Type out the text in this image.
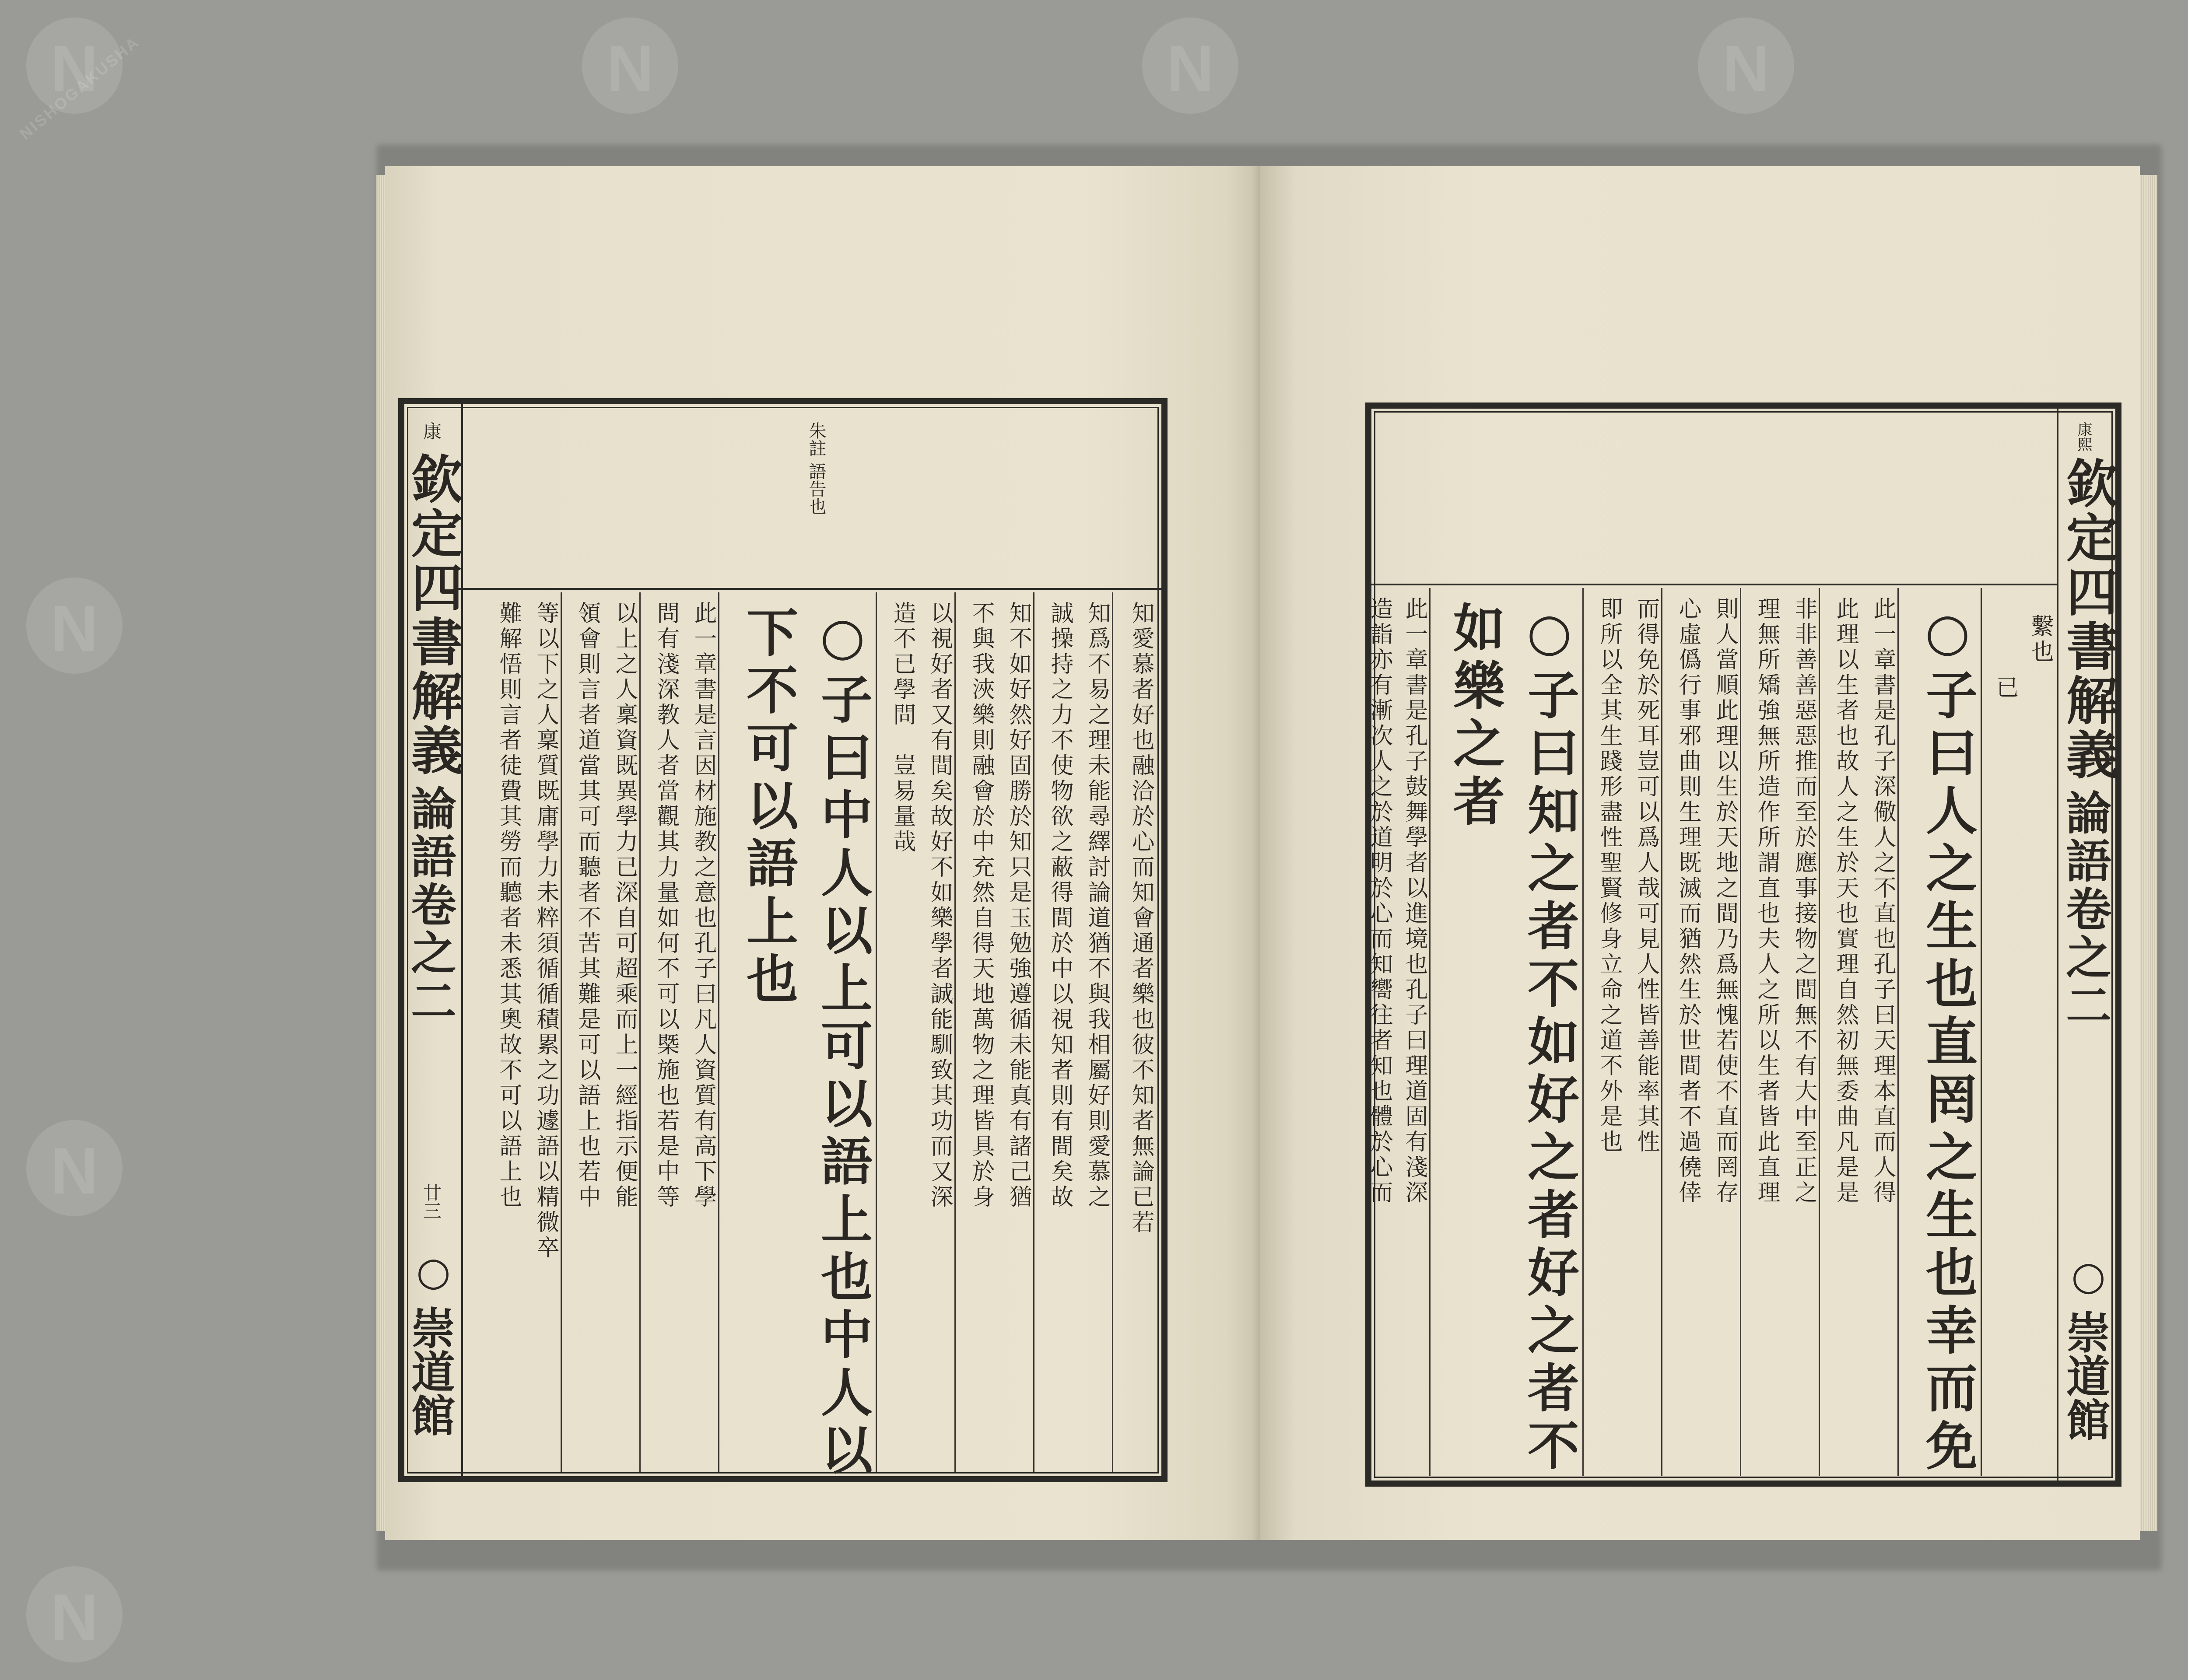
N
N
N
N
N
N
N
NISHOGAKUSHA

朱註 語告也
康
欽定四書解義
論語卷之二
廿三
○
崇道館
知愛慕者好也融洽於心而知會通者樂也彼不知者無論已若
知爲不易之理未能尋繹討論道猶不與我相屬好則愛慕之
誠操持之力不使物欲之蔽得間於中以視知者則有間矣故
知不如好然好固勝於知只是玉勉強遵循未能真有諸己猶
不與我浹樂則融會於中充然自得天地萬物之理皆具於身
以視好者又有間矣故好不如樂學者誠能馴致其功而又深
造不已學問　豈易量哉
○子曰中人以上可以語上也中人以
下不可以語上也
此一章書是言因材施教之意也孔子曰凡人資質有高下學
問有淺深教人者當觀其力量如何不可以槩施也若是中等
以上之人稟資既異學力已深自可超乘而上一經指示便能
領會則言者道當其可而聽者不苦其難是可以語上也若中
等以下之人稟質既庸學力未粹須循循積累之功遽語以精微卒
難解悟則言者徒費其勞而聽者未悉其奧故不可以語上也
康熙
欽定四書解義
論語卷之二
○
崇道館
繫也
已
○子曰人之生也直罔之生也幸而免
此一章書是孔子深儆人之不直也孔子曰天理本直而人得
此理以生者也故人之生於天也實理自然初無委曲凡是是
非非善善惡惡推而至於應事接物之間無不有大中至正之
理無所矯強無所造作所謂直也夫人之所以生者皆此直理
則人當順此理以生於天地之間乃爲無愧若使不直而罔存
心虛僞行事邪曲則生理既滅而猶然生於世間者不過僥倖
而得免於死耳豈可以爲人哉可見人性皆善能率其性
即所以全其生踐形盡性聖賢修身立命之道不外是也
○子曰知之者不如好之者好之者不
如樂之者
此一章書是孔子鼓舞學者以進境也孔子曰理道固有淺深
造詣亦有漸次人之於道明於心而知嚮往者知也體於心而
